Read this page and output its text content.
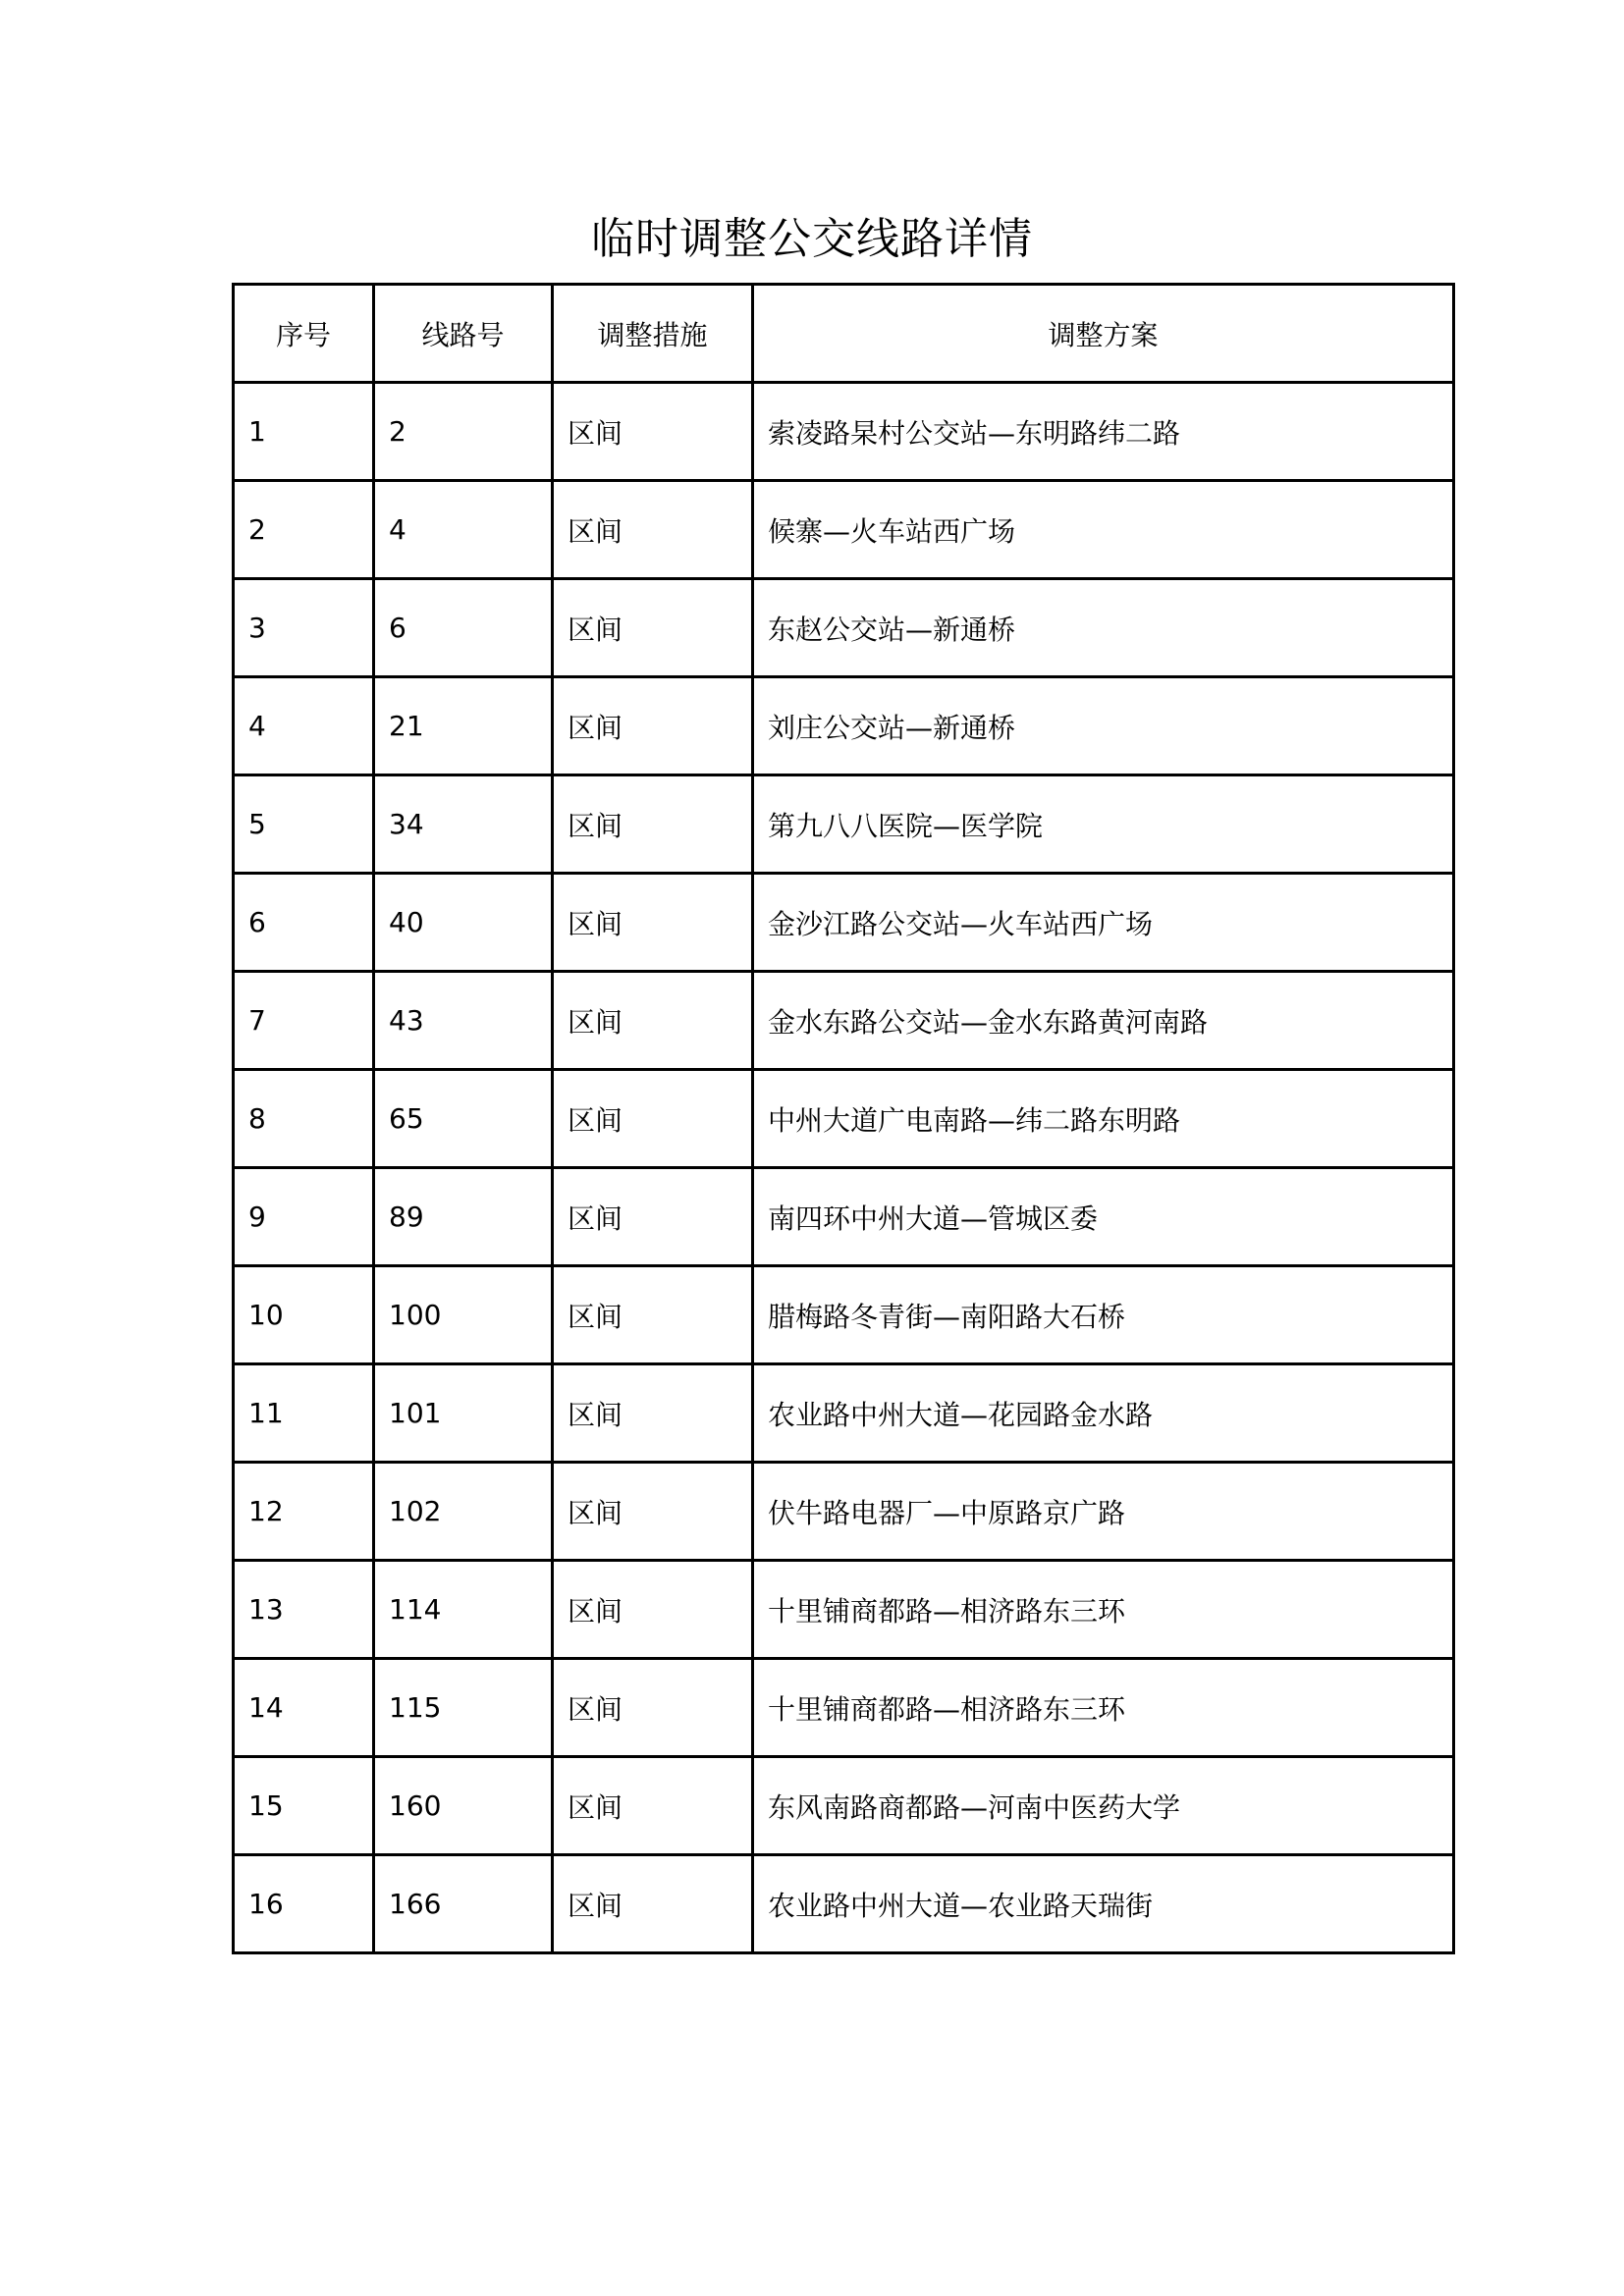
临时调整公交线路详情
序号	线路号	调整措施	调整方案
1	2	区间	索凌路杲村公交站—东明路纬二路
2	4	区间	候寨—火车站西广场
3	6	区间	东赵公交站—新通桥
4	21	区间	刘庄公交站—新通桥
5	34	区间	第九八八医院—医学院
6	40	区间	金沙江路公交站—火车站西广场
7	43	区间	金水东路公交站—金水东路黄河南路
8	65	区间	中州大道广电南路—纬二路东明路
9	89	区间	南四环中州大道—管城区委
10	100	区间	腊梅路冬青街—南阳路大石桥
11	101	区间	农业路中州大道—花园路金水路
12	102	区间	伏牛路电器厂—中原路京广路
13	114	区间	十里铺商都路—相济路东三环
14	115	区间	十里铺商都路—相济路东三环
15	160	区间	东风南路商都路—河南中医药大学
16	166	区间	农业路中州大道—农业路天瑞街
